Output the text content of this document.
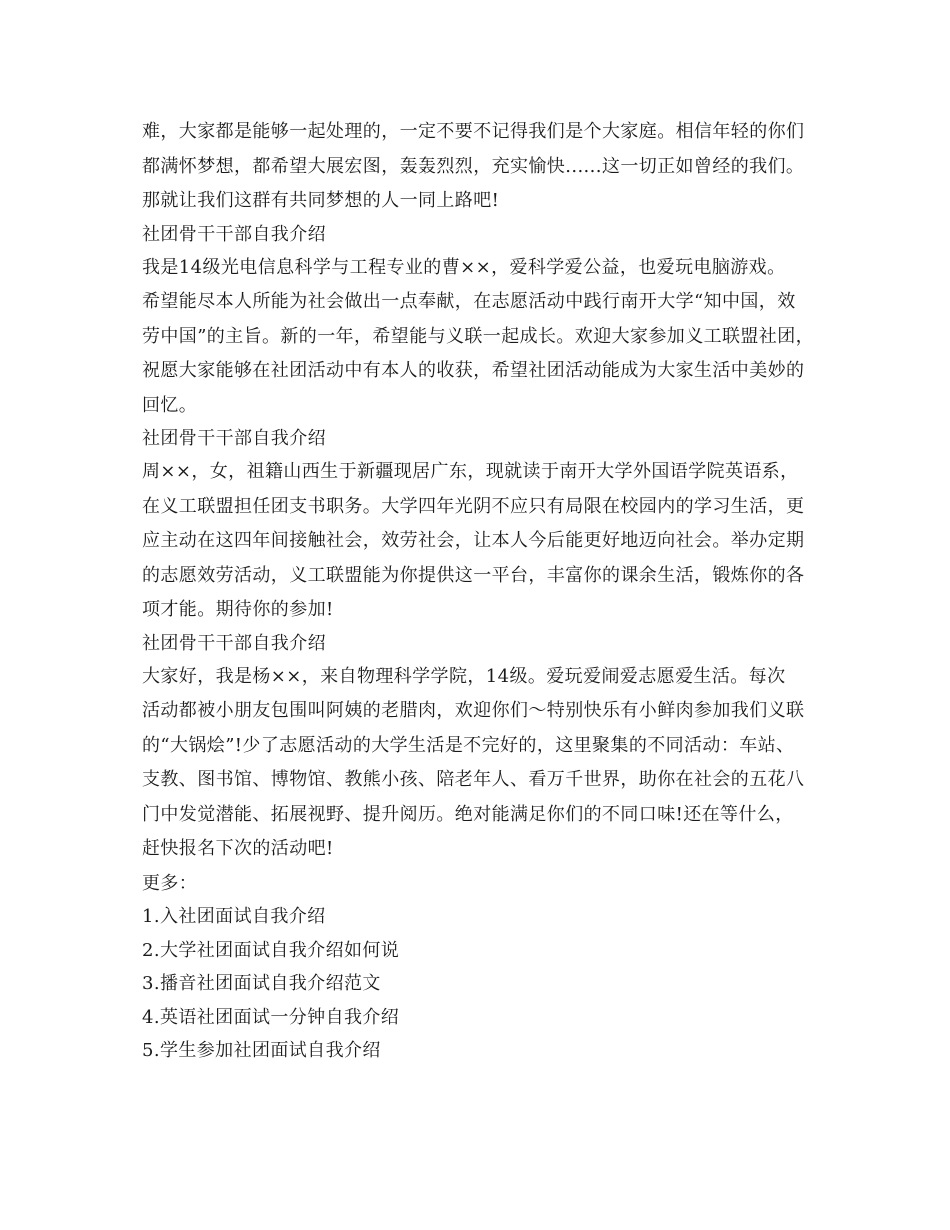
难，大家都是能够一起处理的，一定不要不记得我们是个大家庭。相信年轻的你们
都满怀梦想，都希望大展宏图，轰轰烈烈，充实愉快......这一切正如曾经的我们。
那就让我们这群有共同梦想的人一同上路吧!
社团骨干干部自我介绍
我是14级光电信息科学与工程专业的曹××，爱科学爱公益，也爱玩电脑游戏。
希望能尽本人所能为社会做出一点奉献，在志愿活动中践行南开大学“知中国，效
劳中国”的主旨。新的一年，希望能与义联一起成长。欢迎大家参加义工联盟社团，
祝愿大家能够在社团活动中有本人的收获，希望社团活动能成为大家生活中美妙的
回忆。
社团骨干干部自我介绍
周××，女，祖籍山西生于新疆现居广东，现就读于南开大学外国语学院英语系，
在义工联盟担任团支书职务。大学四年光阴不应只有局限在校园内的学习生活，更
应主动在这四年间接触社会，效劳社会，让本人今后能更好地迈向社会。举办定期
的志愿效劳活动，义工联盟能为你提供这一平台，丰富你的课余生活，锻炼你的各
项才能。期待你的参加!
社团骨干干部自我介绍
大家好，我是杨××，来自物理科学学院，14级。爱玩爱闹爱志愿爱生活。每次
活动都被小朋友包围叫阿姨的老腊肉，欢迎你们～特别快乐有小鲜肉参加我们义联
的“大锅烩”!少了志愿活动的大学生活是不完好的，这里聚集的不同活动：车站、
支教、图书馆、博物馆、教熊小孩、陪老年人、看万千世界，助你在社会的五花八
门中发觉潜能、拓展视野、提升阅历。绝对能满足你们的不同口味!还在等什么，
赶快报名下次的活动吧!
更多：
1.入社团面试自我介绍
2.大学社团面试自我介绍如何说
3.播音社团面试自我介绍范文
4.英语社团面试一分钟自我介绍
5.学生参加社团面试自我介绍
